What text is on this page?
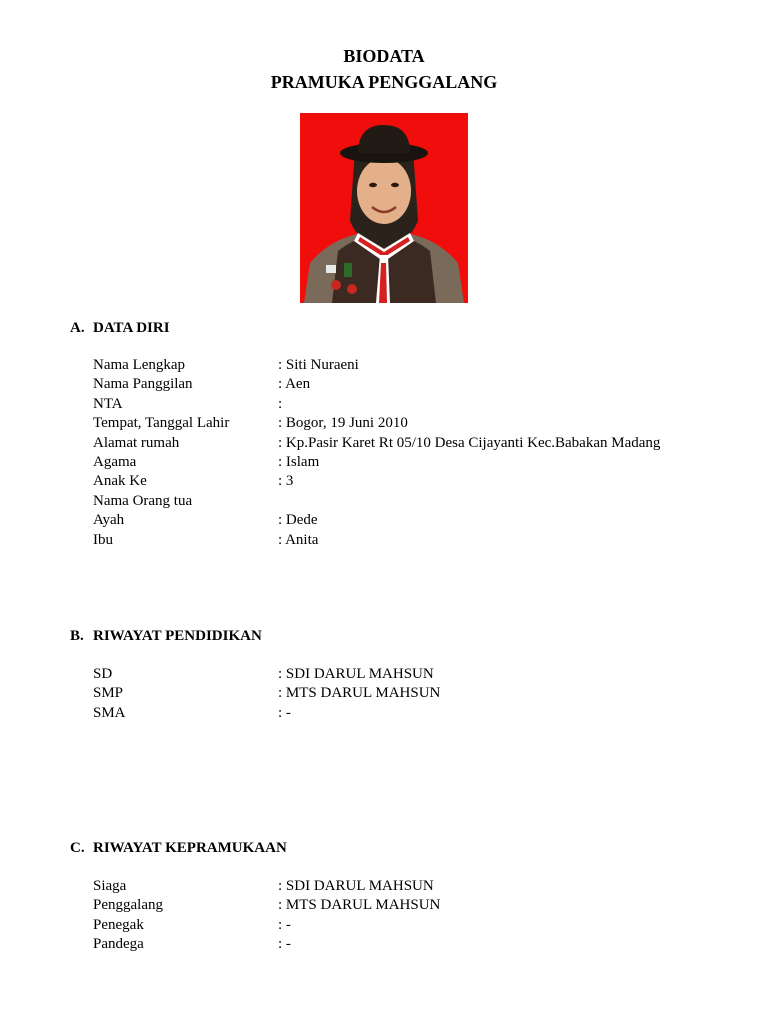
BIODATA
PRAMUKA PENGGALANG
A. DATA DIRI
Nama Lengkap	: Siti Nuraeni
Nama Panggilan	: Aen
NTA	:
Tempat, Tanggal Lahir	: Bogor, 19 Juni 2010
Alamat rumah	: Kp.Pasir Karet Rt 05/10 Desa Cijayanti Kec.Babakan Madang
Agama	: Islam
Anak Ke	: 3
Nama Orang tua
Ayah	: Dede
Ibu	: Anita
B. RIWAYAT PENDIDIKAN
SD	: SDI DARUL MAHSUN
SMP	: MTS DARUL MAHSUN
SMA	: -
C. RIWAYAT KEPRAMUKAAN
Siaga	: SDI DARUL MAHSUN
Penggalang	: MTS DARUL MAHSUN
Penegak	: -
Pandega	: -
